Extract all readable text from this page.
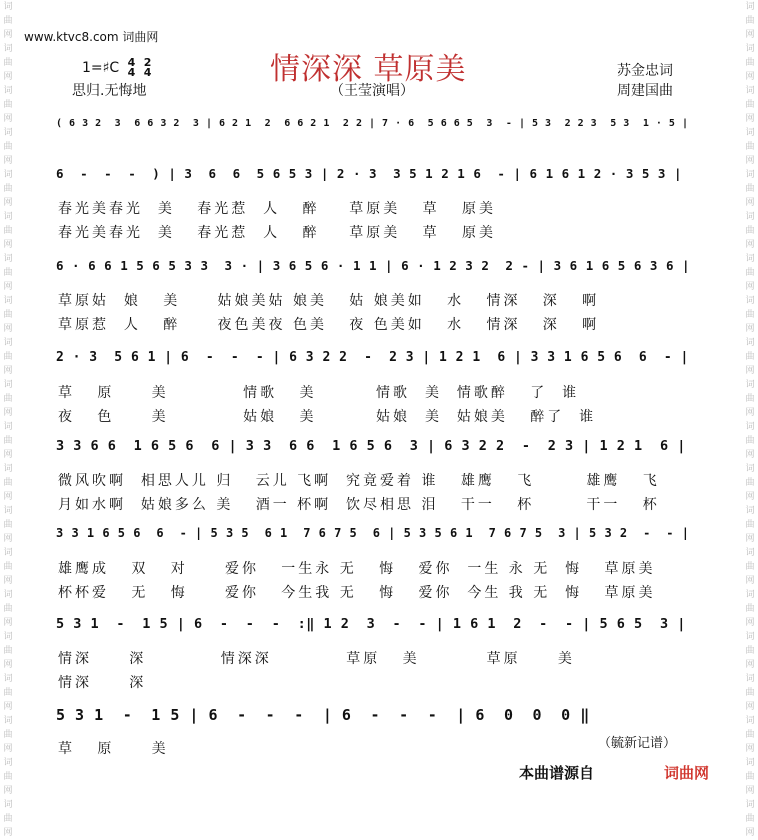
词曲网词曲网词曲网词曲网词曲网词曲网词曲网词曲网词曲网词曲网词曲网词曲网词曲网词曲网词曲网词曲网词曲网词曲网词曲网词曲网
词曲网词曲网词曲网词曲网词曲网词曲网词曲网词曲网词曲网词曲网词曲网词曲网词曲网词曲网词曲网词曲网词曲网词曲网词曲网词曲网
www.ktvc8.com 词曲网
1=♯C 4
4 2
4
思归.无悔地
情深深 草原美
（王莹演唱）
苏金忠词
周建国曲
( 6 3 2  3  6 6 3 2  3 | 6 2 1  2  6 6 2 1  2 2 | 7 · 6  5 6 6 5  3  - | 5 3  2 2 3  5 3  1 · 5 |
6  -  -  -  ) | 3  6  6  5 6 5 3 | 2 · 3  3 5 1 2 1 6  - | 6 1 6 1 2 · 3 5 3 |
春光美春光  美   春光惹  人   醉    草原美   草   原美
春光美春光  美   春光惹  人   醉    草原美   草   原美
6 · 6 6 1 5 6 5 3 3  3 · | 3 6 5 6 · 1 1 | 6 · 1 2 3 2  2 - | 3 6 1 6 5 6 3 6 |
草原姑  娘   美     姑娘美姑 娘美   姑 娘美如   水   情深   深   啊
草原惹  人   醉     夜色美夜 色美   夜 色美如   水   情深   深   啊
2 · 3  5 6 1 | 6  -  -  - | 6 3 2 2  -  2 3 | 1 2 1  6 | 3 3 1 6 5 6  6  - |
草   原     美          情歌   美        情歌  美  情歌醉   了  谁
夜   色     美          姑娘   美        姑娘  美  姑娘美   醉了  谁
3 3 6 6  1 6 5 6  6 | 3 3  6 6  1 6 5 6  3 | 6 3 2 2  -  2 3 | 1 2 1  6 |
微风吹啊  相思人儿 归   云儿 飞啊  究竟爱着 谁   雄鹰   飞       雄鹰   飞
月如水啊  姑娘多么 美   酒一 杯啊  饮尽相思 泪   干一   杯       干一   杯
3 3 1 6 5 6  6  - | 5 3 5  6 1  7 6 7 5  6 | 5 3 5 6 1  7 6 7 5  3 | 5 3 2  -  - |
雄鹰成   双   对     爱你   一生永 无   悔   爱你  一生 永 无  悔   草原美
杯杯爱   无   悔     爱你   今生我 无   悔   爱你  今生 我 无  悔   草原美
5 3 1  -  1 5 | 6  -  -  -  :‖ 1 2  3  -  - | 1 6 1  2  -  - | 5 6 5  3 |
情深     深          情深深          草原   美         草原     美
情深     深
5 3 1  -  1 5 | 6  -  -  -  | 6  -  -  -  | 6  0  0  0 ‖
草   原     美	（毓新记谱）
本曲谱源自	词曲网
